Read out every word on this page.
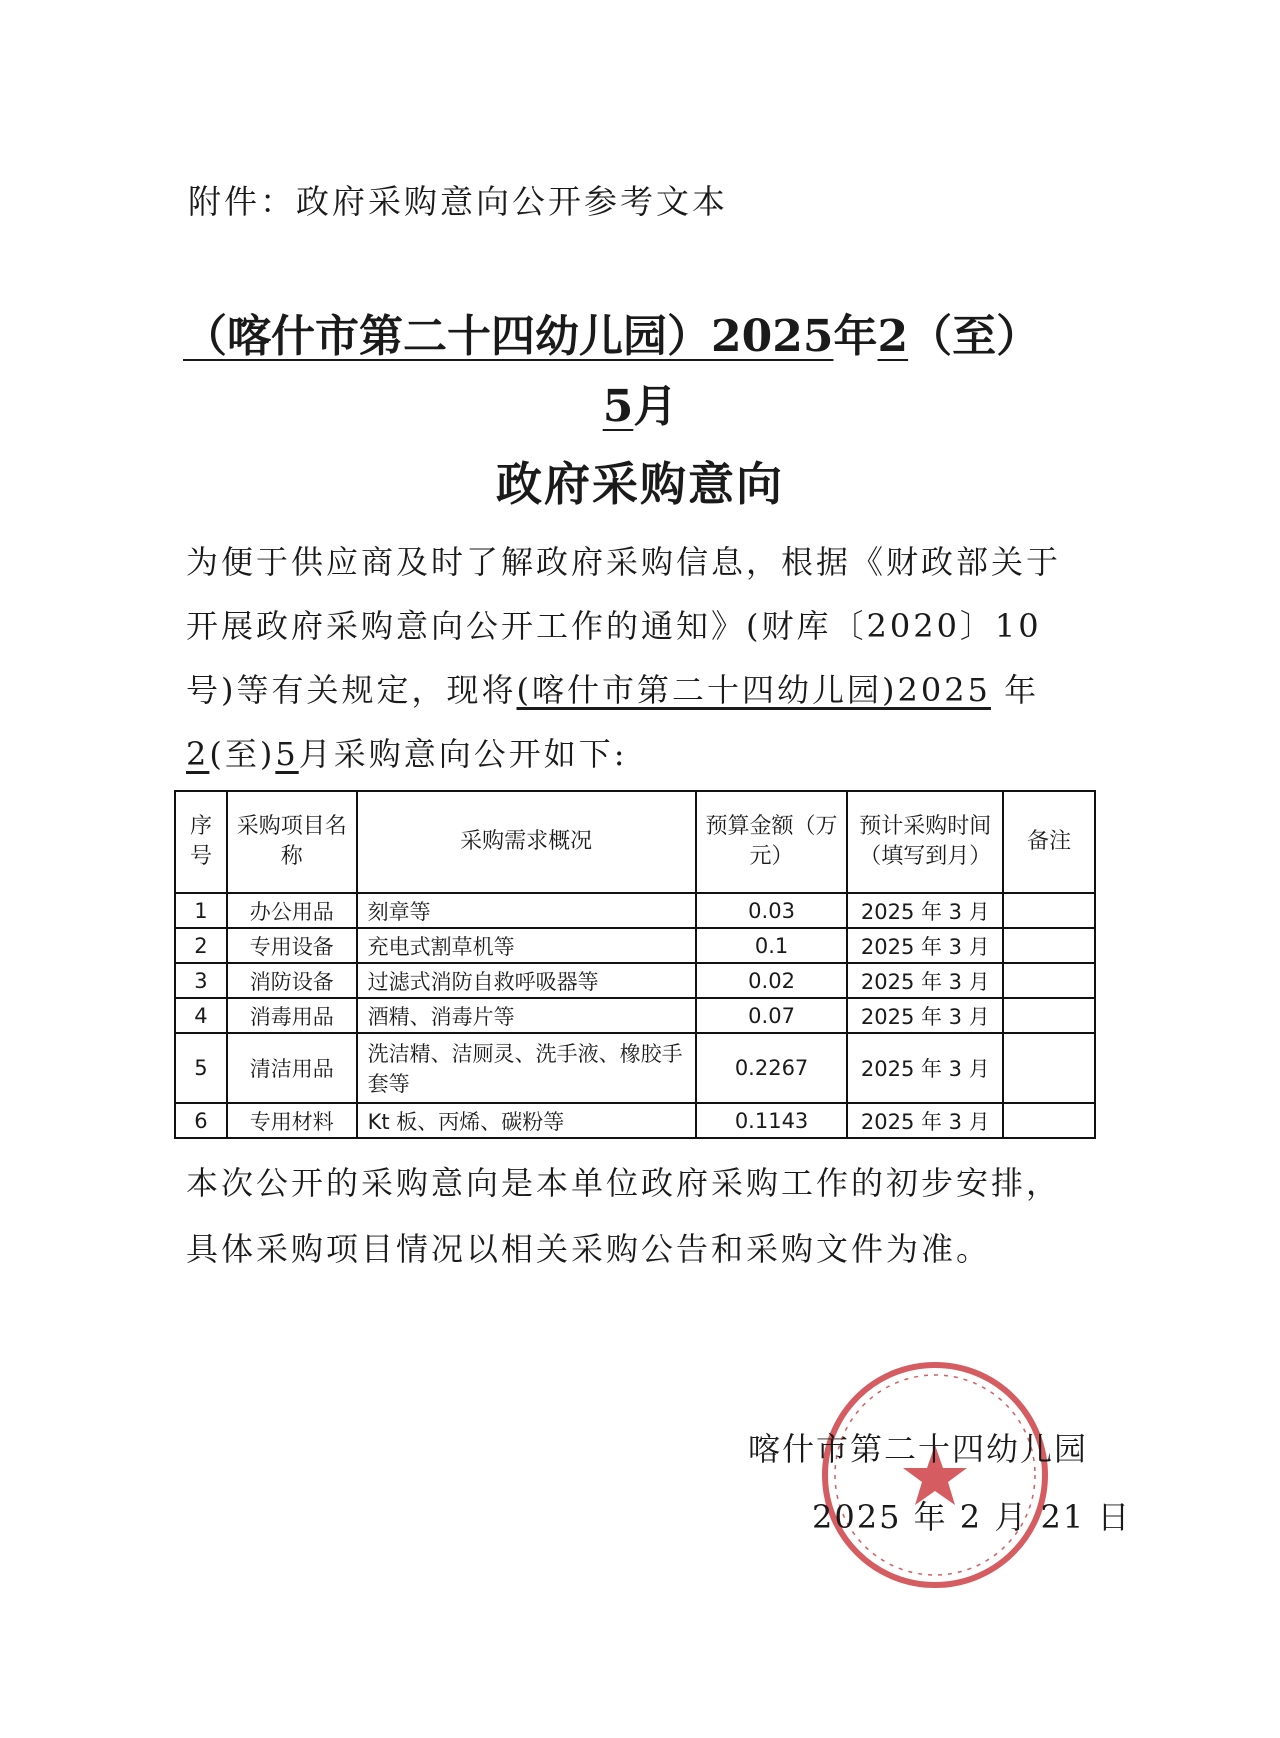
附件：政府采购意向公开参考文本
（喀什市第二十四幼儿园）2025年2（至）
5月
政府采购意向
为便于供应商及时了解政府采购信息，根据《财政部关于开展政府采购意向公开工作的通知》(财库〔2020〕10号)等有关规定，现将(喀什市第二十四幼儿园)2025 年 2(至)5月采购意向公开如下:
序号	采购项目名称	采购需求概况	预算金额（万元）	预计采购时间（填写到月）	备注
1	办公用品	刻章等	0.03	2025 年 3 月	
2	专用设备	充电式割草机等	0.1	2025 年 3 月	
3	消防设备	过滤式消防自救呼吸器等	0.02	2025 年 3 月	
4	消毒用品	酒精、消毒片等	0.07	2025 年 3 月	
5	清洁用品	洗洁精、洁厕灵、洗手液、橡胶手套等	0.2267	2025 年 3 月	
6	专用材料	Kt 板、丙烯、碳粉等	0.1143	2025 年 3 月	
本次公开的采购意向是本单位政府采购工作的初步安排，具体采购项目情况以相关采购公告和采购文件为准。
喀什市第二十四幼儿园
2025 年 2 月 21 日
